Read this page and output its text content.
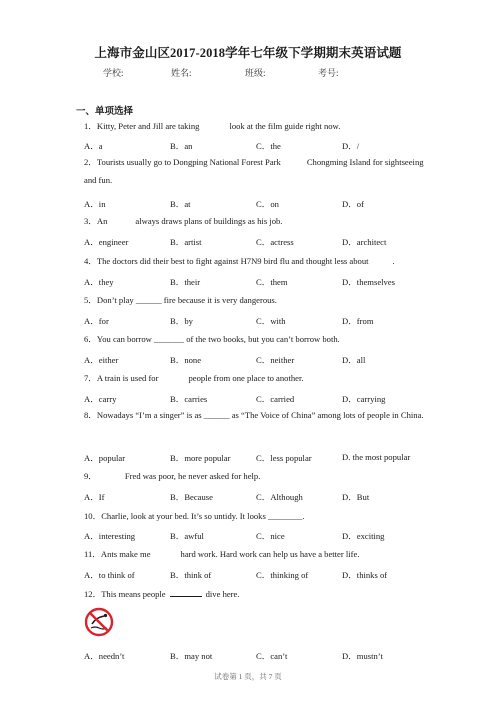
上海市金山区2017-2018学年七年级下学期期末英语试题
学校:	姓名:	班级:	考号:
一、单项选择
1．Kitty, Peter and Jill are taking	look at the film guide right now.
A．a	B．an	C．the	D．/
2．Tourists usually go to Dongping National Forest Park	Chongming Island for sightseeing and fun.
A．in	B．at	C．on	D．of
3．An	always draws plans of buildings as his job.
A．engineer	B．artist	C．actress	D．architect
4．The doctors did their best to fight against H7N9 bird flu and thought less about	.
A．they	B．their	C．them	D．themselves
5．Don’t play ______ fire because it is very dangerous.
A．for	B．by	C．with	D．from
6．You can borrow _______ of the two books, but you can’t borrow both.
A．either	B．none	C．neither	D．all
7．A train is used for	people from one place to another.
A．carry	B．carries	C．carried	D．carrying
8．Nowadays “I’m a singer” is as ______ as “The Voice of China” among lots of people in China.
A．popular	B．more popular	C．less popular	D. the most popular
9．	Fred was poor, he never asked for help.
A．If	B．Because	C．Although	D．But
10．Charlie, look at your bed. It’s so untidy. It looks ________.
A．interesting	B．awful	C．nice	D．exciting
11．Ants make me	hard work. Hard work can help us have a better life.
A．to think of	B．think of	C．thinking of	D．thinks of
12．This means people	dive here.
A．needn’t	B．may not	C．can’t	D．mustn’t
试卷第 1 页，共 7 页
